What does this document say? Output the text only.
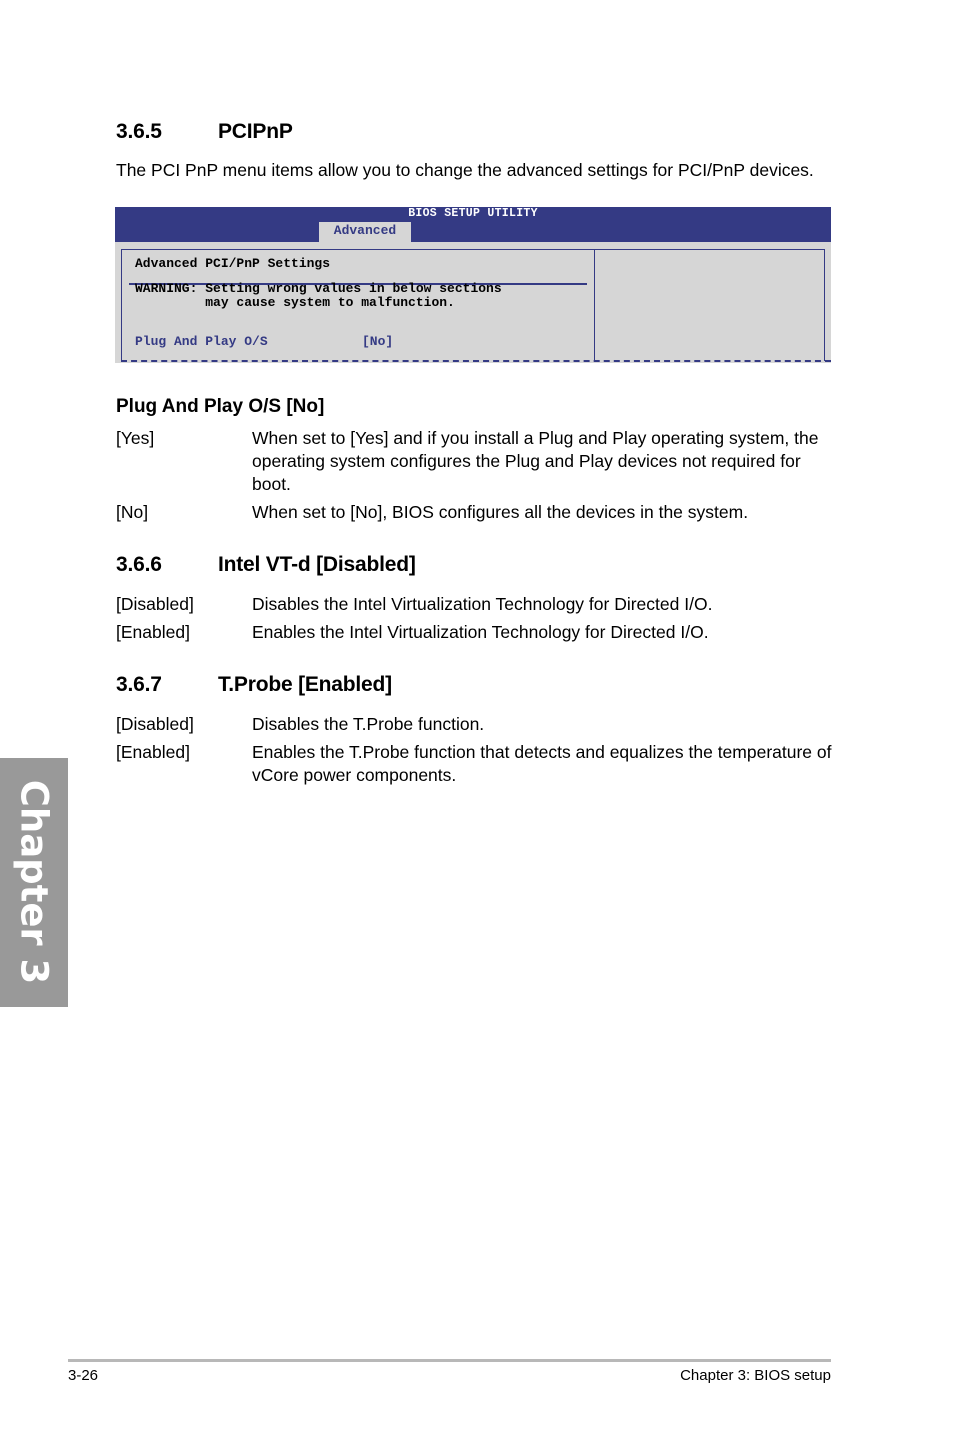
3.6.5	PCIPnP
The PCI PnP menu items allow you to change the advanced settings for PCI/PnP devices.
BIOS SETUP UTILITY
Advanced
Advanced PCI/PnP Settings
WARNING: Setting wrong values in below sections
may cause system to malfunction.
Plug And Play O/S	[No]
Plug And Play O/S [No]
[Yes]	When set to [Yes] and if you install a Plug and Play operating system, the
operating system configures the Plug and Play devices not required for
boot.
[No]	When set to [No], BIOS configures all the devices in the system.
3.6.6	Intel VT-d [Disabled]
[Disabled]	Disables the Intel Virtualization Technology for Directed I/O.
[Enabled]	Enables the Intel Virtualization Technology for Directed I/O.
3.6.7	T.Probe [Enabled]
[Disabled]	Disables the T.Probe function.
[Enabled]	Enables the T.Probe function that detects and equalizes the temperature of
vCore power components.
Chapter 3
3-26	Chapter 3: BIOS setup
